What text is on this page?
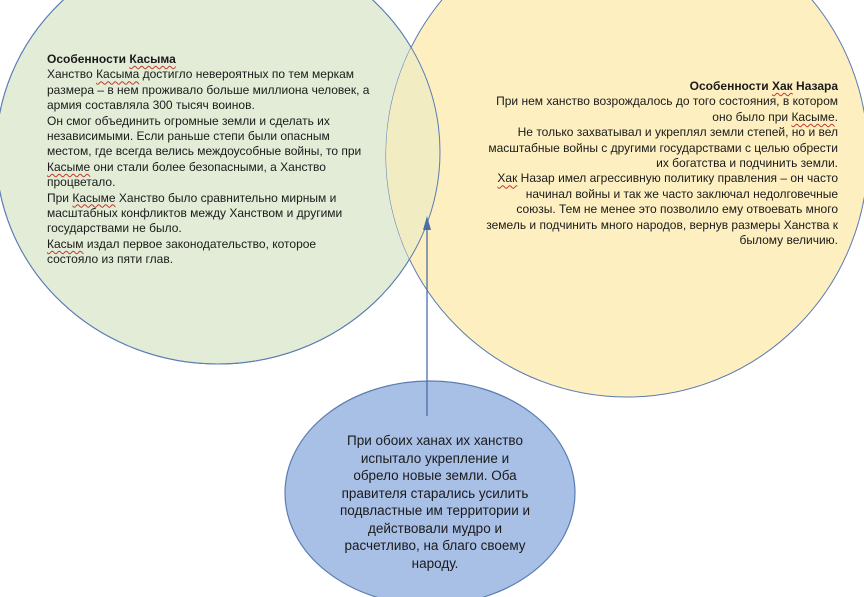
Особенности Касыма

Ханство Касыма достигло невероятных по тем меркам

размера – в нем проживало больше миллиона человек, а

армия составляла 300 тысяч воинов.

Он смог объединить огромные земли и сделать их

независимыми. Если раньше степи были опасным

местом, где всегда велись междоусобные войны, то при

Касыме они стали более безопасными, а Ханство

процветало.

При Касыме Ханство было сравнительно мирным и

масштабных конфликтов между Ханством и другими

государствами не было.

Касым издал первое законодательство, которое

состояло из пяти глав.

Особенности Хак Назара

При нем ханство возрождалось до того состояния, в котором

оно было при Касыме.

Не только захватывал и укреплял земли степей, но и вел

масштабные войны с другими государствами с целью обрести

их богатства и подчинить земли.

Хак Назар имел агрессивную политику правления – он часто

начинал войны и так же часто заключал недолговечные

союзы. Тем не менее это позволило ему отвоевать много

земель и подчинить много народов, вернув размеры Ханства к

былому величию.

При обоих ханах их ханство

испытало укрепление и

обрело новые земли. Оба

правителя старались усилить

подвластные им территории и

действовали мудро и

расчетливо, на благо своему

народу.
